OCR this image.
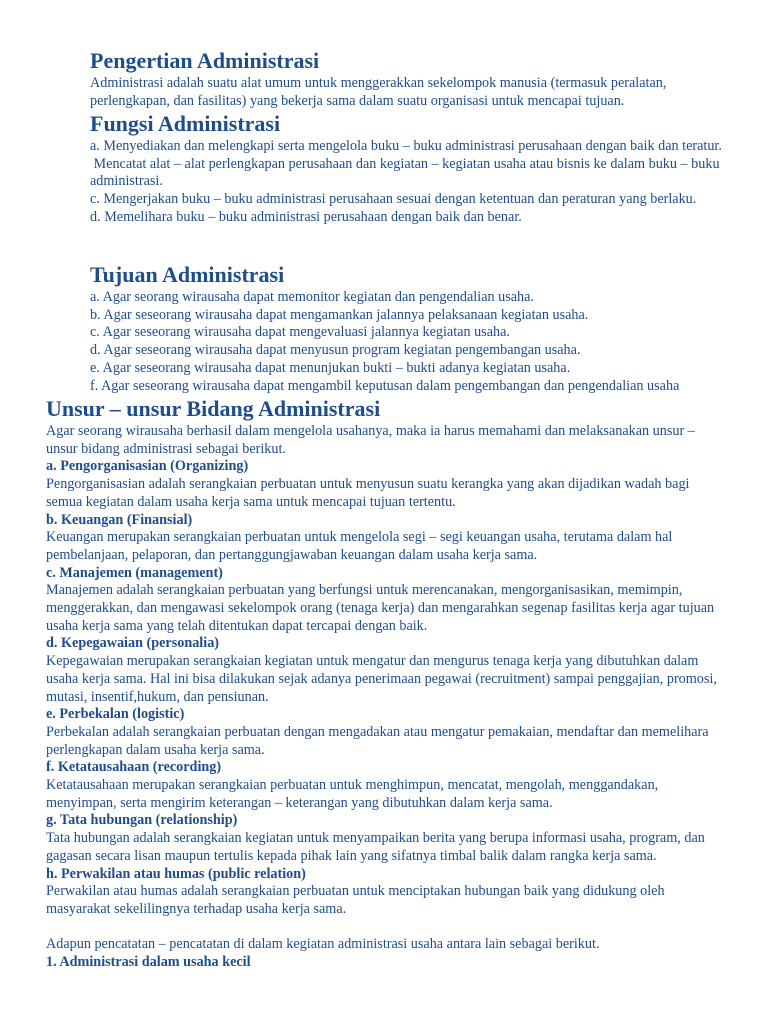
Pengertian Administrasi

Administrasi adalah suatu alat umum untuk menggerakkan sekelompok manusia (termasuk peralatan, perlengkapan, dan fasilitas) yang bekerja sama dalam suatu organisasi untuk mencapai tujuan.

Fungsi Administrasi

a. Menyediakan dan melengkapi serta mengelola buku – buku administrasi perusahaan dengan baik dan teratur.

Mencatat alat – alat perlengkapan perusahaan dan kegiatan – kegiatan usaha atau bisnis ke dalam buku – buku administrasi.

c. Mengerjakan buku – buku administrasi perusahaan sesuai dengan ketentuan dan peraturan yang berlaku.

d. Memelihara buku – buku administrasi perusahaan dengan baik dan benar.

Tujuan Administrasi

a. Agar seorang wirausaha dapat memonitor kegiatan dan pengendalian usaha.

b. Agar seseorang wirausaha dapat mengamankan jalannya pelaksanaan kegiatan usaha.

c. Agar seseorang wirausaha dapat mengevaluasi jalannya kegiatan usaha.

d. Agar seseorang wirausaha dapat menyusun program kegiatan pengembangan usaha.

e. Agar seseorang wirausaha dapat menunjukan bukti – bukti adanya kegiatan usaha.

f. Agar seseorang wirausaha dapat mengambil keputusan dalam pengembangan dan pengendalian usaha

Unsur – unsur Bidang Administrasi

Agar seorang wirausaha berhasil dalam mengelola usahanya, maka ia harus memahami dan melaksanakan unsur – unsur bidang administrasi sebagai berikut.

a. Pengorganisasian (Organizing)

Pengorganisasian adalah serangkaian perbuatan untuk menyusun suatu kerangka yang akan dijadikan wadah bagi semua kegiatan dalam usaha kerja sama untuk mencapai tujuan tertentu.

b. Keuangan (Finansial)

Keuangan merupakan serangkaian perbuatan untuk mengelola segi – segi keuangan usaha, terutama dalam hal pembelanjaan, pelaporan, dan pertanggungjawaban keuangan dalam usaha kerja sama.

c. Manajemen (management)

Manajemen adalah serangkaian perbuatan yang berfungsi untuk merencanakan, mengorganisasikan, memimpin, menggerakkan, dan mengawasi sekelompok orang (tenaga kerja) dan mengarahkan segenap fasilitas kerja agar tujuan usaha kerja sama yang telah ditentukan dapat tercapai dengan baik.

d. Kepegawaian (personalia)

Kepegawaian merupakan serangkaian kegiatan untuk mengatur dan mengurus tenaga kerja yang dibutuhkan dalam usaha kerja sama. Hal ini bisa dilakukan sejak adanya penerimaan pegawai (recruitment) sampai penggajian, promosi, mutasi, insentif,hukum, dan pensiunan.

e. Perbekalan (logistic)

Perbekalan adalah serangkaian perbuatan dengan mengadakan atau mengatur pemakaian, mendaftar dan memelihara perlengkapan dalam usaha kerja sama.

f. Ketatausahaan (recording)

Ketatausahaan merupakan serangkaian perbuatan untuk menghimpun, mencatat, mengolah, menggandakan, menyimpan, serta mengirim keterangan – keterangan yang dibutuhkan dalam kerja sama.

g. Tata hubungan (relationship)

Tata hubungan adalah serangkaian kegiatan untuk menyampaikan berita yang berupa informasi usaha, program, dan gagasan secara lisan maupun tertulis kepada pihak lain yang sifatnya timbal balik dalam rangka kerja sama.

h. Perwakilan atau humas (public relation)

Perwakilan atau humas adalah serangkaian perbuatan untuk menciptakan hubungan baik yang didukung oleh masyarakat sekelilingnya terhadap usaha kerja sama.

Adapun pencatatan – pencatatan di dalam kegiatan administrasi usaha antara lain sebagai berikut.

1. Administrasi dalam usaha kecil
